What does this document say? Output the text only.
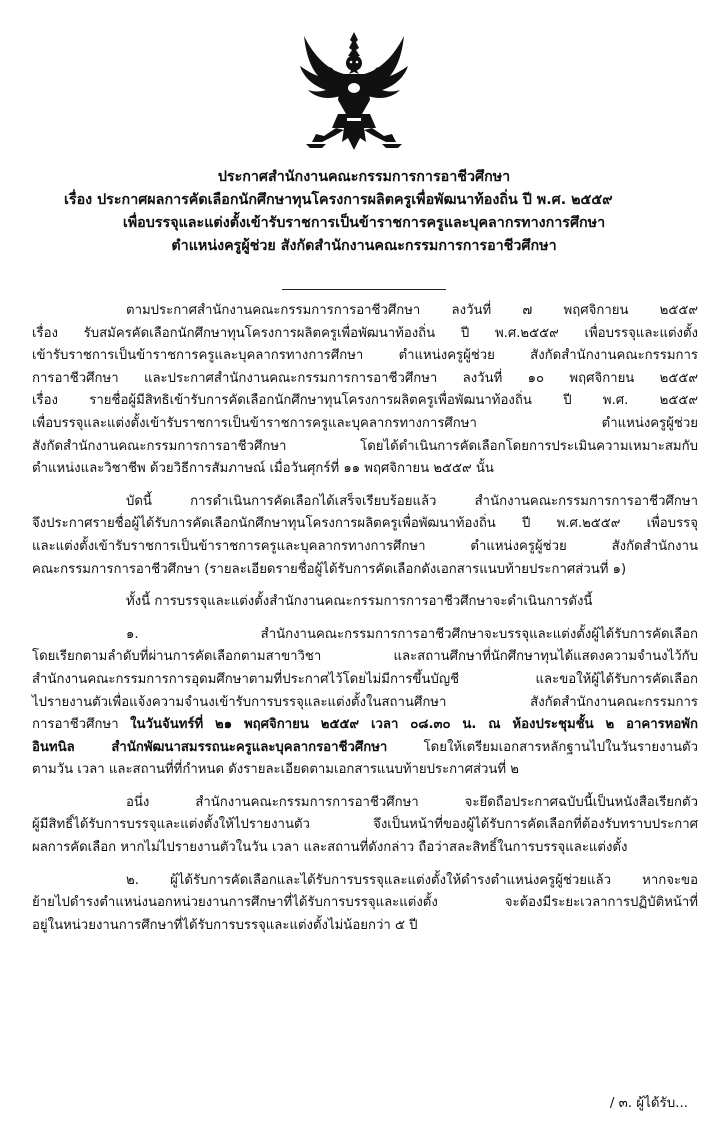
ประกาศสำนักงานคณะกรรมการการอาชีวศึกษา
เรื่อง ประกาศผลการคัดเลือกนักศึกษาทุนโครงการผลิตครูเพื่อพัฒนาท้องถิ่น ปี พ.ศ. ๒๕๕๙
เพื่อบรรจุและแต่งตั้งเข้ารับราชการเป็นข้าราชการครูและบุคลากรทางการศึกษา
ตำแหน่งครูผู้ช่วย สังกัดสำนักงานคณะกรรมการการอาชีวศึกษา
ตามประกาศสำนักงานคณะกรรมการการอาชีวศึกษา ลงวันที่ ๗ พฤศจิกายน ๒๕๕๙
เรื่อง รับสมัครคัดเลือกนักศึกษาทุนโครงการผลิตครูเพื่อพัฒนาท้องถิ่น ปี พ.ศ.๒๕๕๙ เพื่อบรรจุและแต่งตั้ง
เข้ารับราชการเป็นข้าราชการครูและบุคลากรทางการศึกษา ตำแหน่งครูผู้ช่วย สังกัดสำนักงานคณะกรรมการ
การอาชีวศึกษา และประกาศสำนักงานคณะกรรมการการอาชีวศึกษา ลงวันที่ ๑๐ พฤศจิกายน ๒๕๕๙
เรื่อง รายชื่อผู้มีสิทธิเข้ารับการคัดเลือกนักศึกษาทุนโครงการผลิตครูเพื่อพัฒนาท้องถิ่น ปี พ.ศ. ๒๕๕๙
เพื่อบรรจุและแต่งตั้งเข้ารับราชการเป็นข้าราชการครูและบุคลากรทางการศึกษา ตำแหน่งครูผู้ช่วย
สังกัดสำนักงานคณะกรรมการการอาชีวศึกษา โดยได้ดำเนินการคัดเลือกโดยการประเมินความเหมาะสมกับ
ตำแหน่งและวิชาชีพ ด้วยวิธีการสัมภาษณ์ เมื่อวันศุกร์ที่ ๑๑ พฤศจิกายน ๒๕๕๙ นั้น
บัดนี้ การดำเนินการคัดเลือกได้เสร็จเรียบร้อยแล้ว สำนักงานคณะกรรมการการอาชีวศึกษา
จึงประกาศรายชื่อผู้ได้รับการคัดเลือกนักศึกษาทุนโครงการผลิตครูเพื่อพัฒนาท้องถิ่น ปี พ.ศ.๒๕๕๙ เพื่อบรรจุ
และแต่งตั้งเข้ารับราชการเป็นข้าราชการครูและบุคลากรทางการศึกษา ตำแหน่งครูผู้ช่วย สังกัดสำนักงาน
คณะกรรมการการอาชีวศึกษา (รายละเอียดรายชื่อผู้ได้รับการคัดเลือกดังเอกสารแนบท้ายประกาศส่วนที่ ๑)
ทั้งนี้ การบรรจุและแต่งตั้งสำนักงานคณะกรรมการการอาชีวศึกษาจะดำเนินการดังนี้
๑. สำนักงานคณะกรรมการการอาชีวศึกษาจะบรรจุและแต่งตั้งผู้ได้รับการคัดเลือก
โดยเรียกตามลำดับที่ผ่านการคัดเลือกตามสาขาวิชา และสถานศึกษาที่นักศึกษาทุนได้แสดงความจำนงไว้กับ
สำนักงานคณะกรรมการการอุดมศึกษาตามที่ประกาศไว้โดยไม่มีการขึ้นบัญชี และขอให้ผู้ได้รับการคัดเลือก
ไปรายงานตัวเพื่อแจ้งความจำนงเข้ารับการบรรจุและแต่งตั้งในสถานศึกษา สังกัดสำนักงานคณะกรรมการ
การอาชีวศึกษา ในวันจันทร์ที่ ๒๑ พฤศจิกายน ๒๕๕๙ เวลา ๐๘.๓๐ น. ณ ห้องประชุมชั้น ๒ อาคารหอพัก
อินทนิล สำนักพัฒนาสมรรถนะครูและบุคลากรอาชีวศึกษา	โดยให้เตรียมเอกสารหลักฐานไปในวันรายงานตัว
ตามวัน เวลา และสถานที่ที่กำหนด ดังรายละเอียดตามเอกสารแนบท้ายประกาศส่วนที่ ๒
อนึ่ง สำนักงานคณะกรรมการการอาชีวศึกษา จะยึดถือประกาศฉบับนี้เป็นหนังสือเรียกตัว
ผู้มีสิทธิ์ได้รับการบรรจุและแต่งตั้งให้ไปรายงานตัว จึงเป็นหน้าที่ของผู้ได้รับการคัดเลือกที่ต้องรับทราบประกาศ
ผลการคัดเลือก หากไม่ไปรายงานตัวในวัน เวลา และสถานที่ดังกล่าว ถือว่าสละสิทธิ์ในการบรรจุและแต่งตั้ง
๒. ผู้ได้รับการคัดเลือกและได้รับการบรรจุและแต่งตั้งให้ดำรงตำแหน่งครูผู้ช่วยแล้ว หากจะขอ
ย้ายไปดำรงตำแหน่งนอกหน่วยงานการศึกษาที่ได้รับการบรรจุและแต่งตั้ง จะต้องมีระยะเวลาการปฏิบัติหน้าที่
อยู่ในหน่วยงานการศึกษาที่ได้รับการบรรจุและแต่งตั้งไม่น้อยกว่า ๕ ปี
/ ๓. ผู้ได้รับ...
